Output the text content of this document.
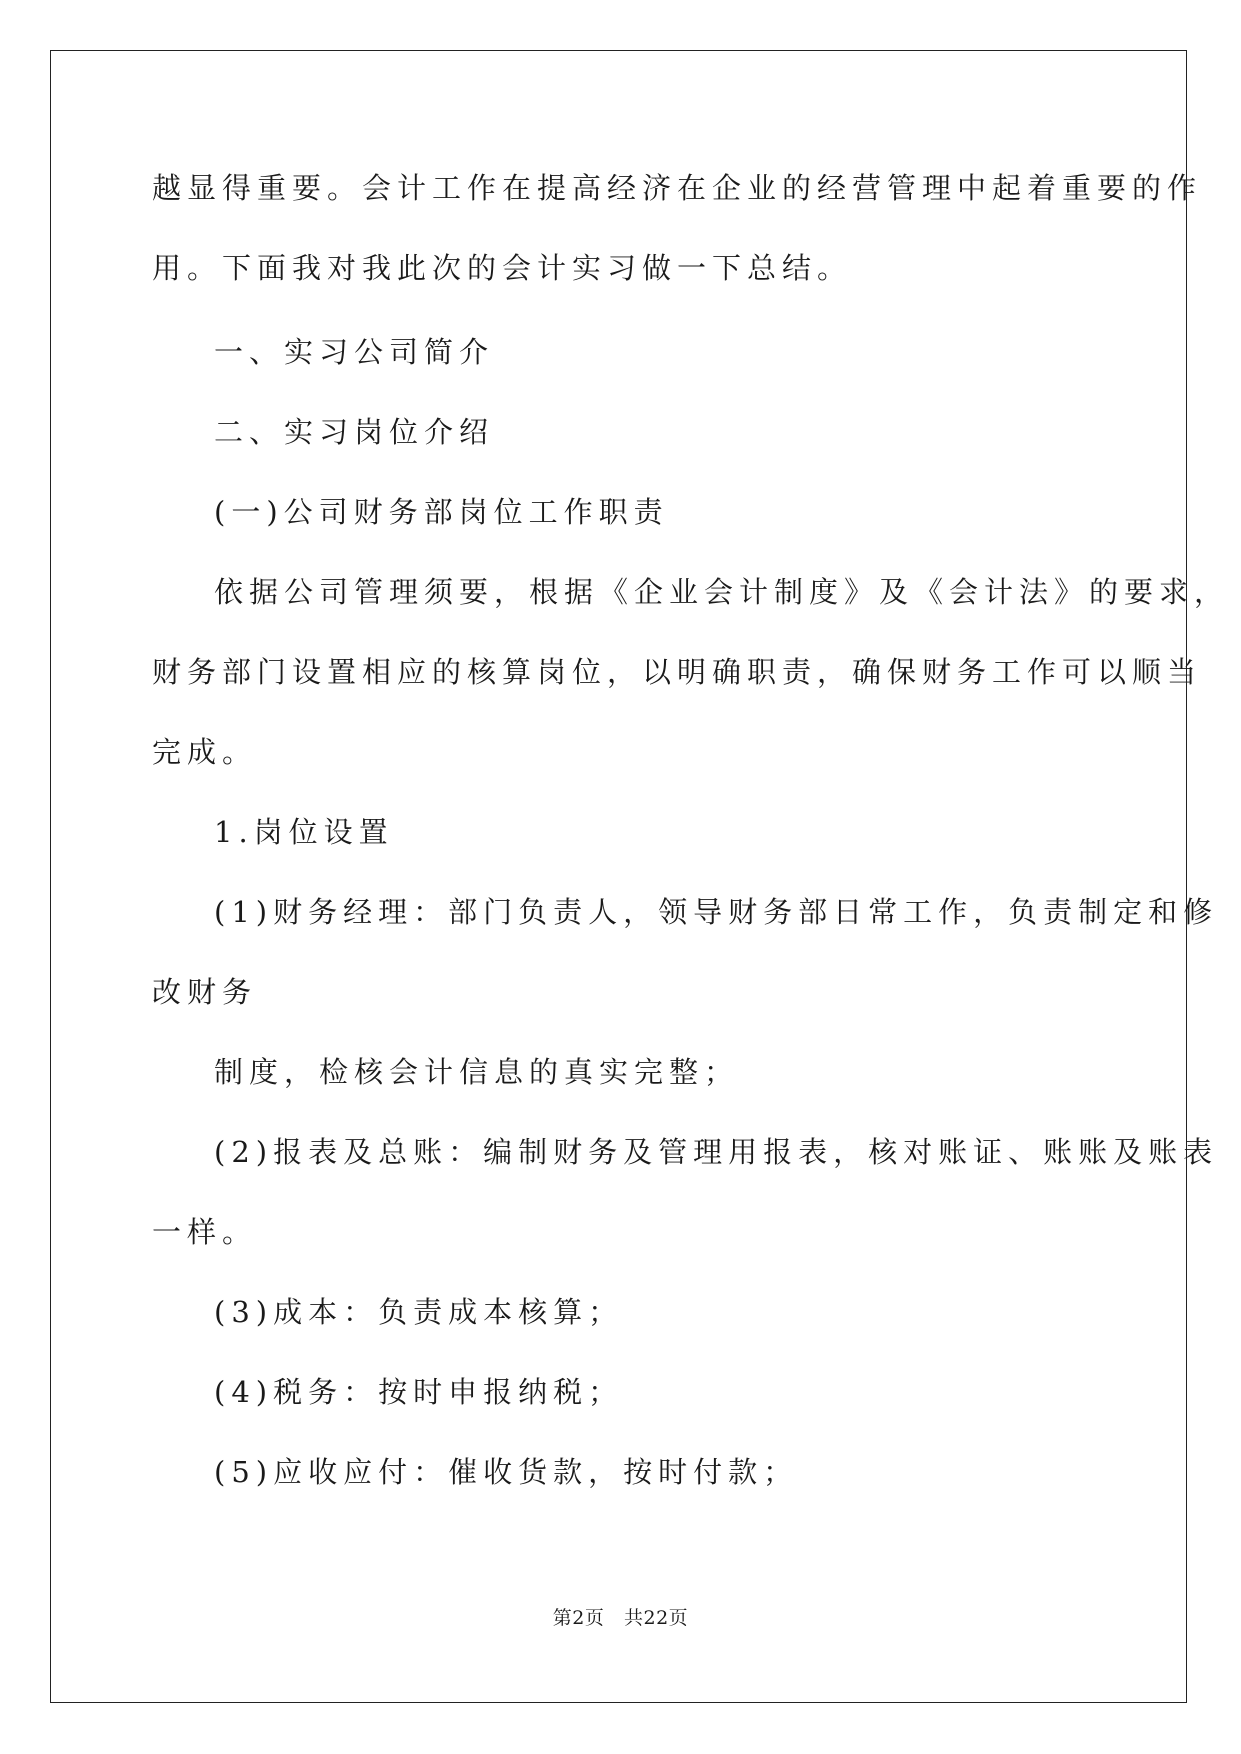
越显得重要。会计工作在提高经济在企业的经营管理中起着重要的作
用。下面我对我此次的会计实习做一下总结。
一、实习公司简介
二、实习岗位介绍
(一)公司财务部岗位工作职责
依据公司管理须要，根据《企业会计制度》及《会计法》的要求，
财务部门设置相应的核算岗位，以明确职责，确保财务工作可以顺当
完成。
1.岗位设置
(1)财务经理：部门负责人，领导财务部日常工作，负责制定和修
改财务
制度，检核会计信息的真实完整；
(2)报表及总账：编制财务及管理用报表，核对账证、账账及账表
一样。
(3)成本：负责成本核算；
(4)税务：按时申报纳税；
(5)应收应付：催收货款，按时付款；
第2页   共22页
